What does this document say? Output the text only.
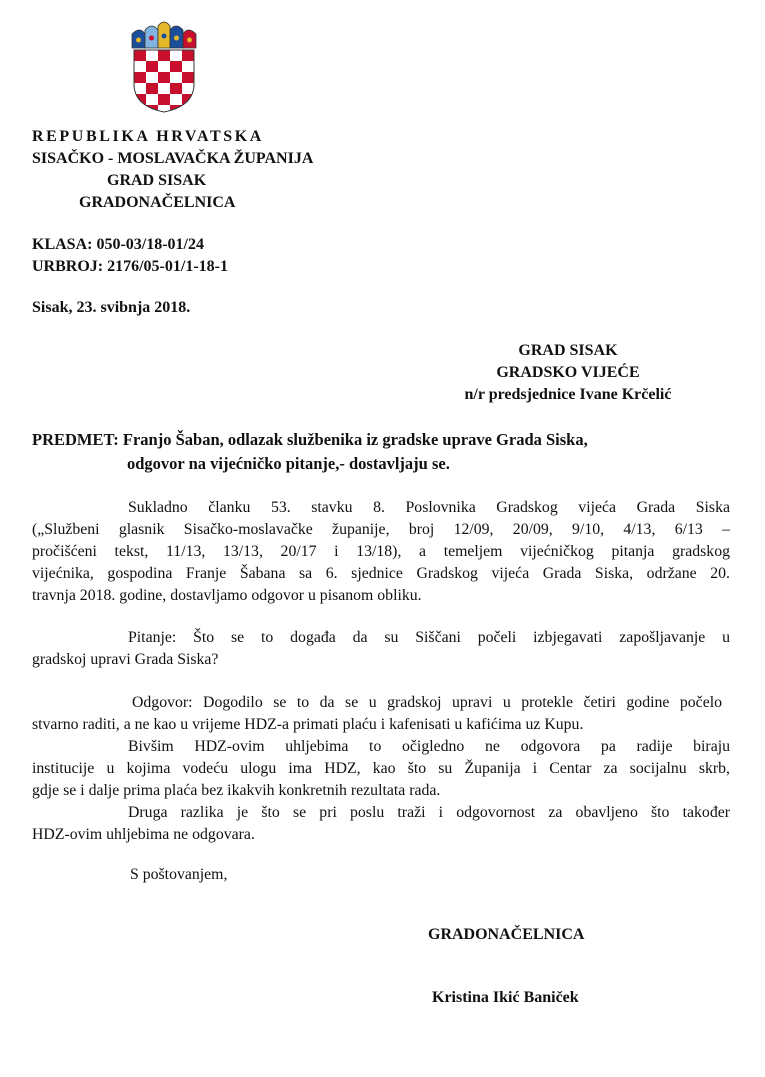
REPUBLIKA HRVATSKA
SISAČKO - MOSLAVAČKA ŽUPANIJA
GRAD SISAK
GRADONAČELNICA
KLASA: 050-03/18-01/24
URBROJ: 2176/05-01/1-18-1
Sisak, 23. svibnja 2018.
GRAD SISAK
GRADSKO VIJEĆE
n/r predsjednice Ivane Krčelić
PREDMET: Franjo Šaban, odlazak službenika iz gradske uprave Grada Siska,
odgovor na vijećničko pitanje,- dostavljaju se.
Sukladno članku 53. stavku 8. Poslovnika Gradskog vijeća Grada Siska
(„Službeni glasnik Sisačko-moslavačke županije, broj 12/09, 20/09, 9/10, 4/13, 6/13 –
pročišćeni tekst, 11/13, 13/13, 20/17 i 13/18), a temeljem vijećničkog pitanja gradskog
vijećnika, gospodina Franje Šabana sa 6. sjednice Gradskog vijeća Grada Siska, održane 20.
travnja 2018. godine, dostavljamo odgovor u pisanom obliku.
Pitanje: Što se to događa da su Siščani počeli izbjegavati zapošljavanje u
gradskoj upravi Grada Siska?
Odgovor: Dogodilo se to da se u gradskoj upravi u protekle četiri godine počelo
stvarno raditi, a ne kao u vrijeme HDZ-a primati plaću i kafenisati u kafićima uz Kupu.
Bivšim HDZ-ovim uhljebima to očigledno ne odgovora pa radije biraju
institucije u kojima vodeću ulogu ima HDZ, kao što su Županija i Centar za socijalnu skrb,
gdje se i dalje prima plaća bez ikakvih konkretnih rezultata rada.
Druga razlika je što se pri poslu traži i odgovornost za obavljeno što također
HDZ-ovim uhljebima ne odgovara.
S poštovanjem,
GRADONAČELNICA
Kristina Ikić Baniček
